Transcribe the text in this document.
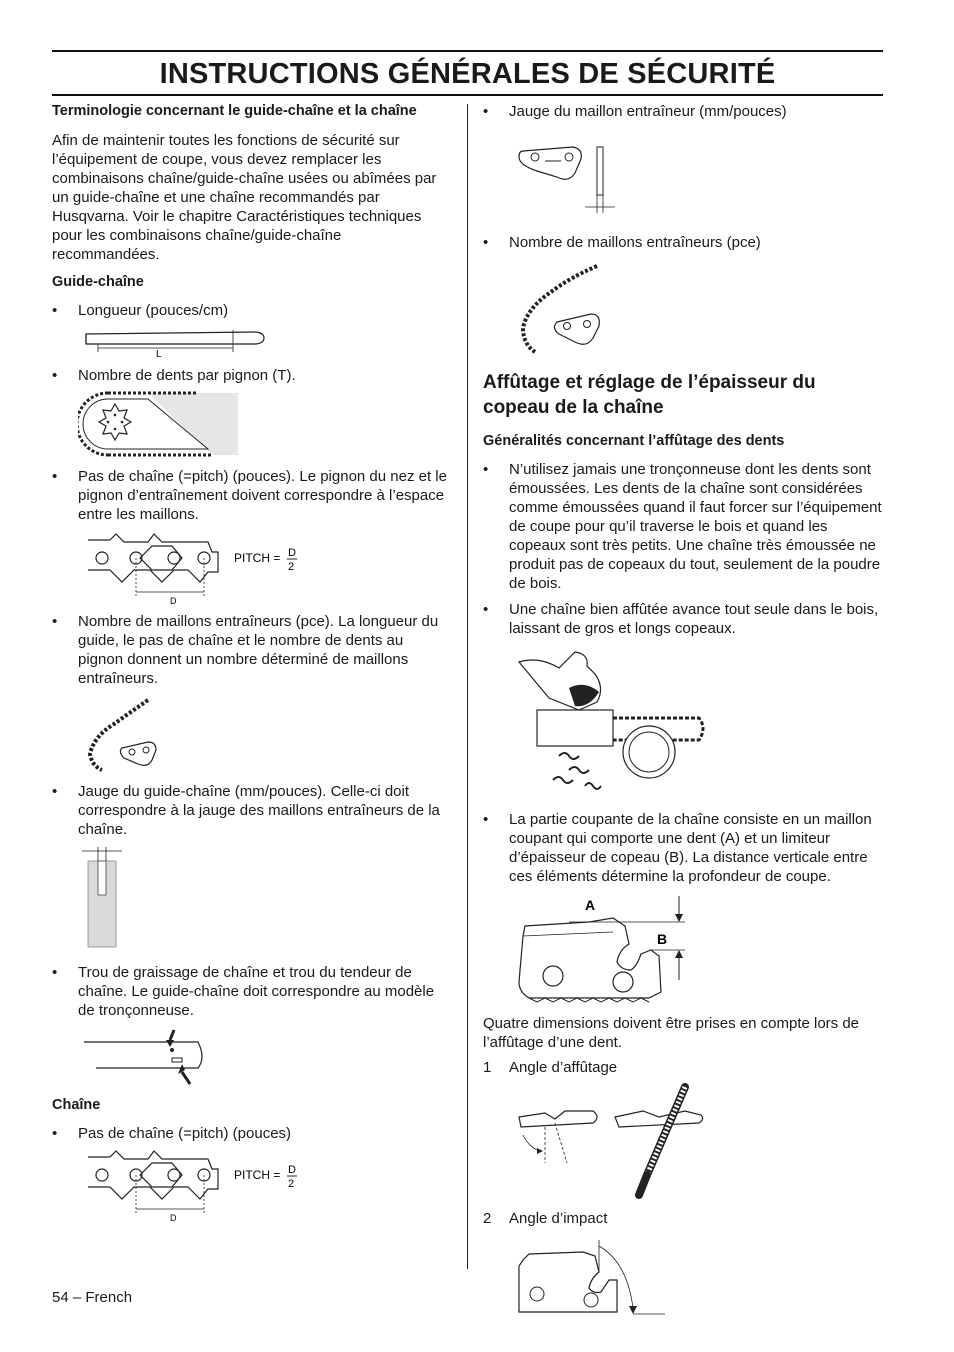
INSTRUCTIONS GÉNÉRALES DE SÉCURITÉ
Terminologie concernant le guide-chaîne et la chaîne

Afin de maintenir toutes les fonctions de sécurité sur l’équipement de coupe, vous devez remplacer les combinaisons chaîne/guide-chaîne usées ou abîmées par un guide-chaîne et une chaîne recommandés par Husqvarna. Voir le chapitre Caractéristiques techniques pour les combinaisons chaîne/guide-chaîne recommandées.

Guide-chaîne
• Longueur (pouces/cm)
L
• Nombre de dents par pignon (T).
• Pas de chaîne (=pitch) (pouces). Le pignon du nez et le pignon d’entraînement doivent correspondre à l’espace entre les maillons.
D
PITCH = D
2
• Nombre de maillons entraîneurs (pce). La longueur du guide, le pas de chaîne et le nombre de dents au pignon donnent un nombre déterminé de maillons entraîneurs.
• Jauge du guide-chaîne (mm/pouces). Celle-ci doit correspondre à la jauge des maillons entraîneurs de la chaîne.
• Trou de graissage de chaîne et trou du tendeur de chaîne. Le guide-chaîne doit correspondre au modèle de tronçonneuse.
Chaîne
• Pas de chaîne (=pitch) (pouces)
D
PITCH = D
2
• Jauge du maillon entraîneur (mm/pouces)
• Nombre de maillons entraîneurs (pce)
Affûtage et réglage de l’épaisseur du copeau de la chaîne
Généralités concernant l’affûtage des dents
• N’utilisez jamais une tronçonneuse dont les dents sont émoussées. Les dents de la chaîne sont considérées comme émoussées quand il faut forcer sur l’équipement de coupe pour qu’il traverse le bois et quand les copeaux sont très petits. Une chaîne très émoussée ne produit pas de copeaux du tout, seulement de la poudre de bois.
• Une chaîne bien affûtée avance tout seule dans le bois, laissant de gros et longs copeaux.
• La partie coupante de la chaîne consiste en un maillon coupant qui comporte une dent (A) et un limiteur d’épaisseur de copeau (B). La distance verticale entre ces éléments détermine la profondeur de coupe.
A
B

Quatre dimensions doivent être prises en compte lors de l’affûtage d’une dent.

1 Angle d’affûtage
2 Angle d’impact
54 – French
